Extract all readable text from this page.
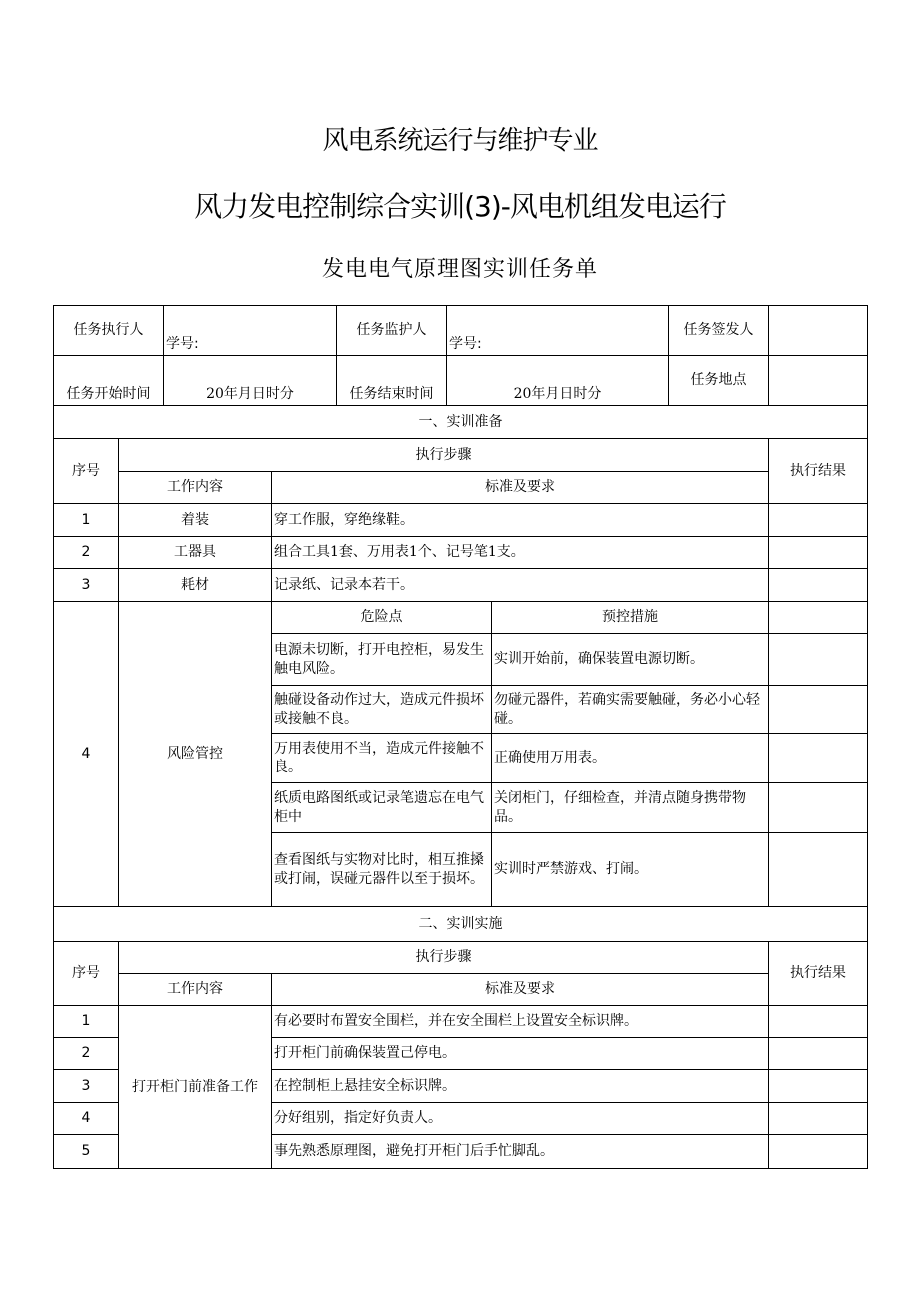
风电系统运行与维护专业
风力发电控制综合实训(3)-风电机组发电运行
发电电气原理图实训任务单
任务执行人		学号:		任务监护人	学号:		任务签发人	
任务开始时间		20年月日时分		任务结束时间	20年月日时分		任务地点	
一、实训准备								
序号	执行步骤							执行结果
	工作内容		标准及要求					
1	着装		穿工作服，穿绝缘鞋。					
2	工器具		组合工具1套、万用表1个、记号笔1支。					
3	耗材		记录纸、记录本若干。					
4	风险管控		危险点			预控措施		
			电源未切断，打开电控柜，易发生触电风险。			实训开始前，确保装置电源切断。		
			触碰设备动作过大，造成元件损坏或接触不良。			勿碰元器件，若确实需要触碰，务必小心轻碰。		
			万用表使用不当，造成元件接触不良。			正确使用万用表。		
			纸质电路图纸或记录笔遗忘在电气柜中			关闭柜门，仔细检查，并清点随身携带物品。		
			查看图纸与实物对比时，相互推搡或打闹，误碰元器件以至于损坏。			实训时严禁游戏、打闹。		
二、实训实施								
序号	执行步骤							执行结果
	工作内容		标准及要求					
1	打开柜门前准备工作		有必要时布置安全围栏，并在安全围栏上设置安全标识牌。					
2			打开柜门前确保装置己停电。					
3			在控制柜上悬挂安全标识牌。					
4			分好组别，指定好负责人。					
5			事先熟悉原理图，避免打开柜门后手忙脚乱。					
